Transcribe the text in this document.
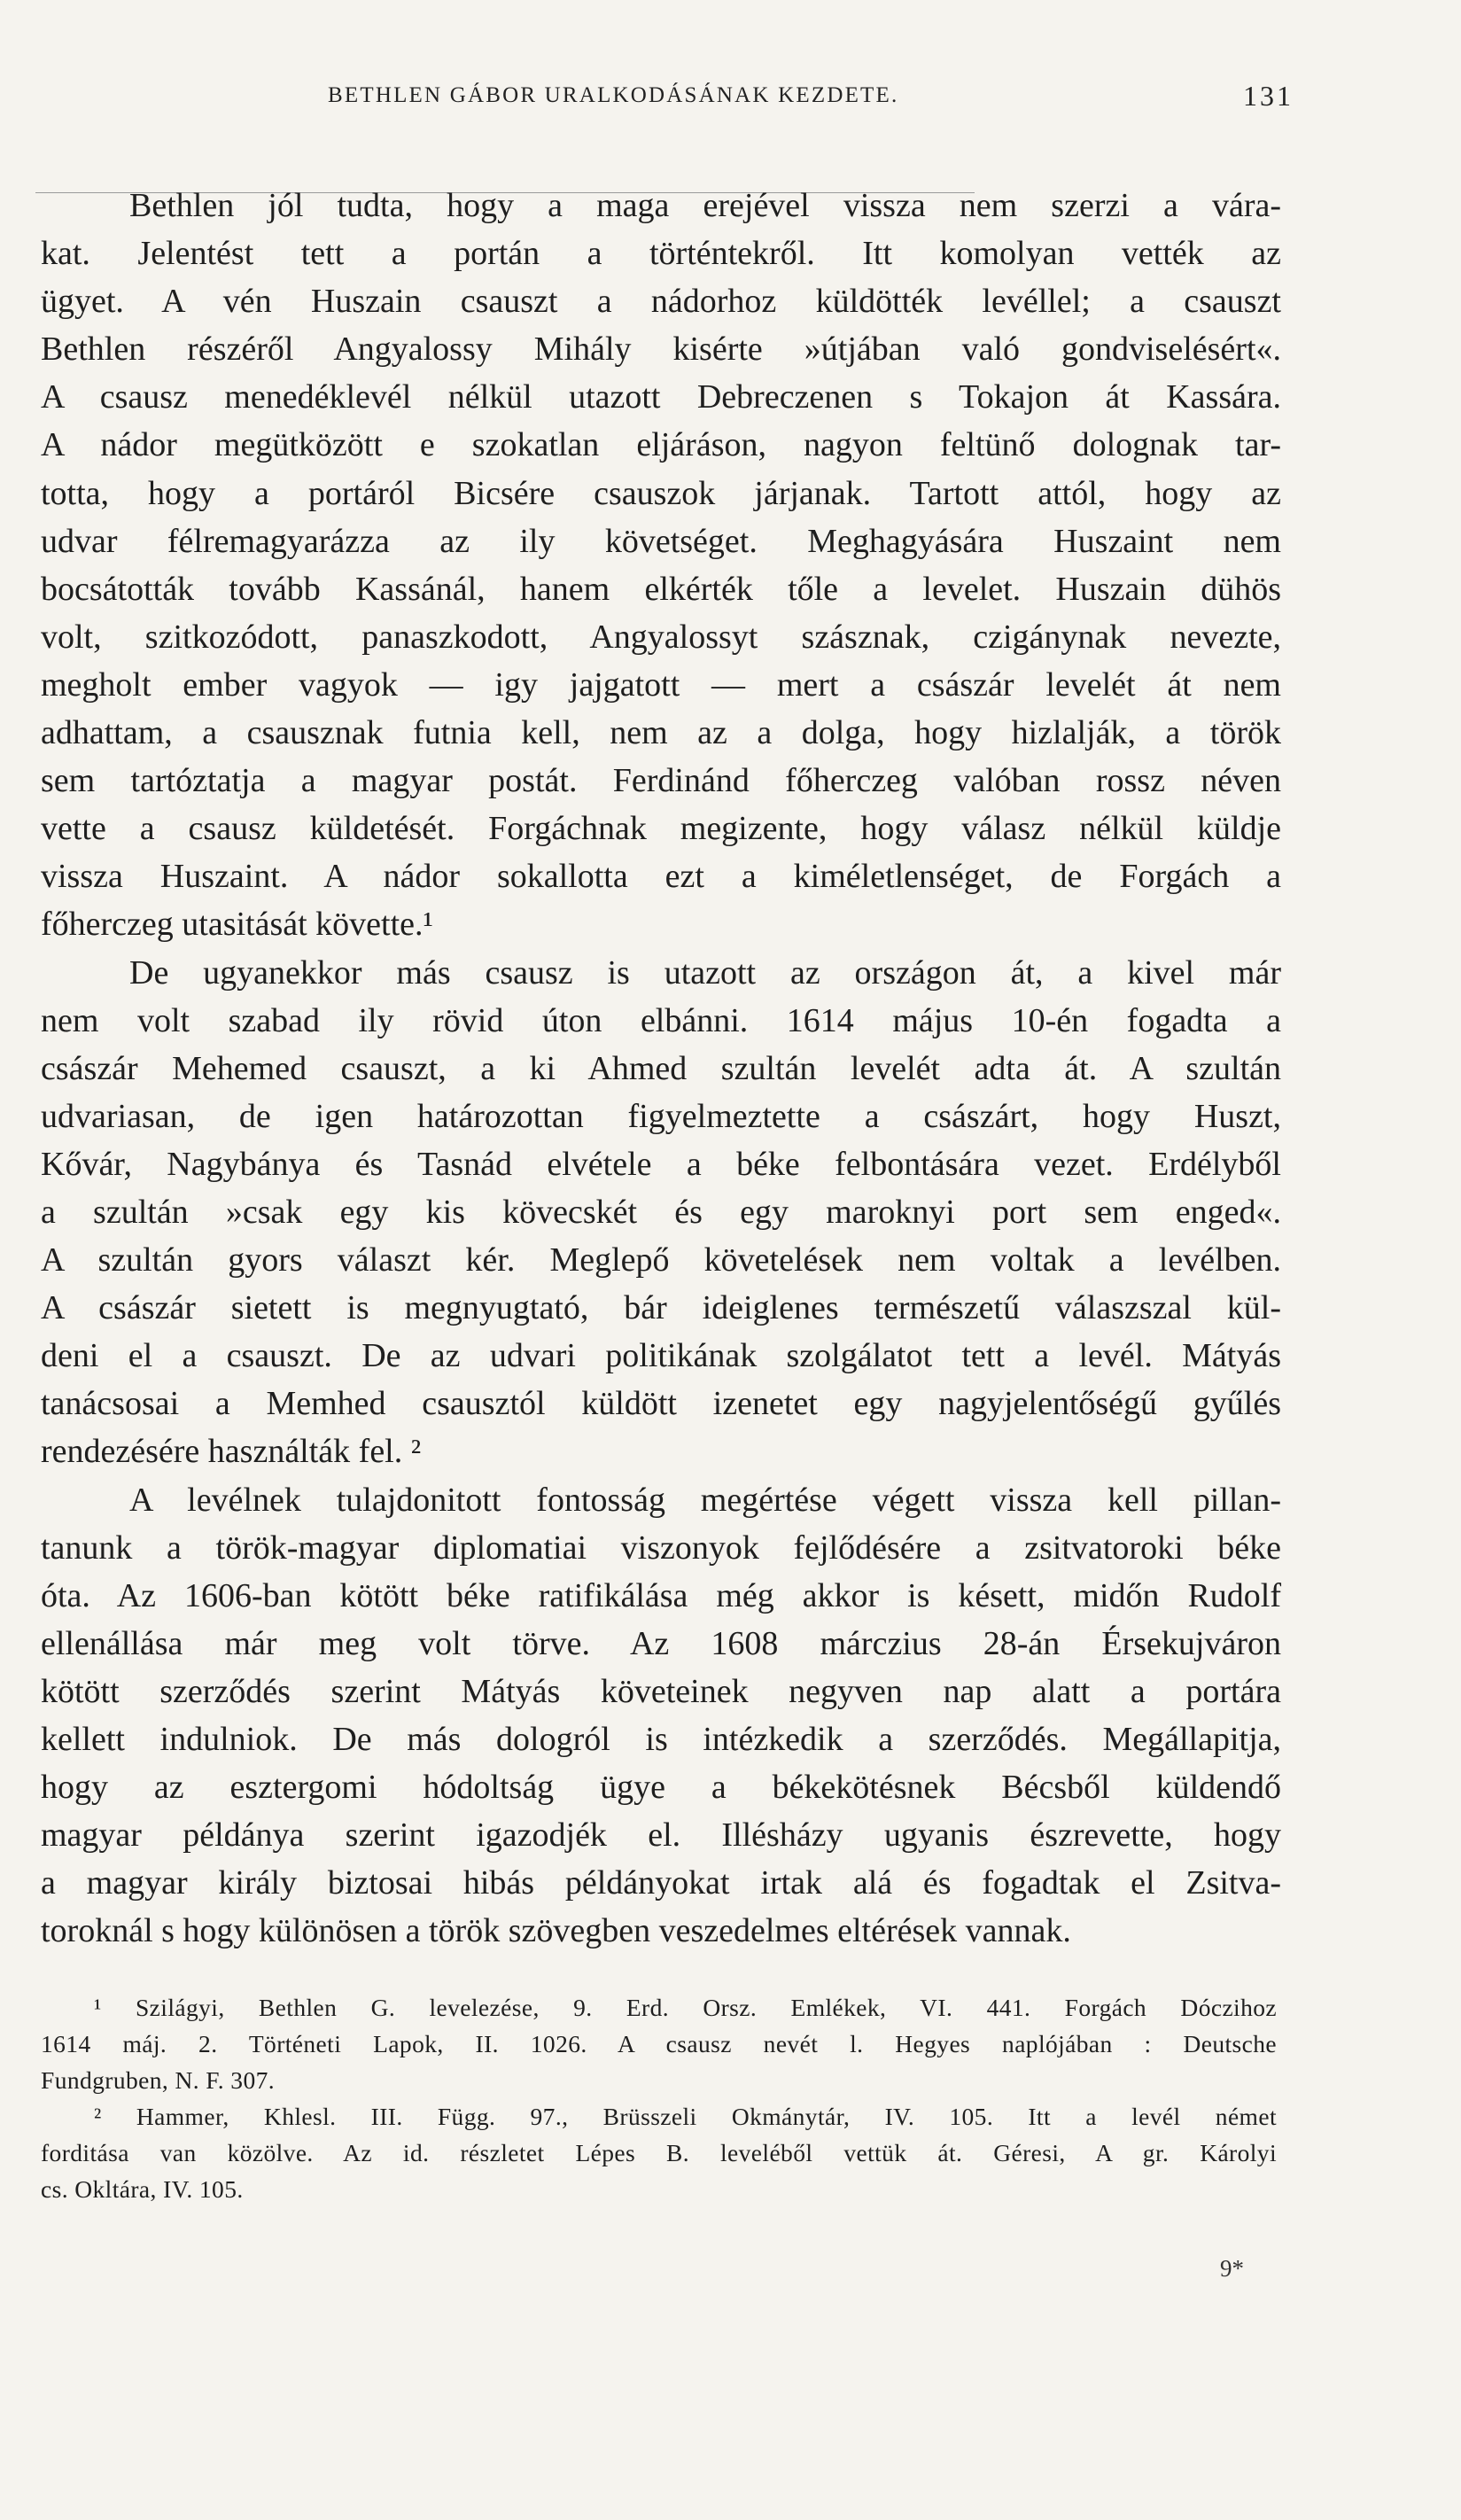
BETHLEN GÁBOR URALKODÁSÁNAK KEZDETE.	131
Bethlen jól tudta, hogy a maga erejével vissza nem szerzi a vára-
kat. Jelentést tett a portán a történtekről. Itt komolyan vették az
ügyet. A vén Huszain csauszt a nádorhoz küldötték levéllel; a csauszt
Bethlen részéről Angyalossy Mihály kisérte »útjában való gondviselésért«.
A csausz menedéklevél nélkül utazott Debreczenen s Tokajon át Kassára.
A nádor megütközött e szokatlan eljáráson, nagyon feltünő dolognak tar-
totta, hogy a portáról Bicsére csauszok járjanak. Tartott attól, hogy az
udvar félremagyarázza az ily követséget. Meghagyására Huszaint nem
bocsátották tovább Kassánál, hanem elkérték tőle a levelet. Huszain dühös
volt, szitkozódott, panaszkodott, Angyalossyt szásznak, czigánynak nevezte,
megholt ember vagyok — igy jajgatott — mert a császár levelét át nem
adhattam, a csausznak futnia kell, nem az a dolga, hogy hizlalják, a török
sem tartóztatja a magyar postát. Ferdinánd főherczeg valóban rossz néven
vette a csausz küldetését. Forgáchnak megizente, hogy válasz nélkül küldje
vissza Huszaint. A nádor sokallotta ezt a kiméletlenséget, de Forgách a
főherczeg utasitását követte.¹
De ugyanekkor más csausz is utazott az országon át, a kivel már
nem volt szabad ily rövid úton elbánni. 1614 május 10-én fogadta a
császár Mehemed csauszt, a ki Ahmed szultán levelét adta át. A szultán
udvariasan, de igen határozottan figyelmeztette a császárt, hogy Huszt,
Kővár, Nagybánya és Tasnád elvétele a béke felbontására vezet. Erdélyből
a szultán »csak egy kis kövecskét és egy maroknyi port sem enged«.
A szultán gyors választ kér. Meglepő követelések nem voltak a levélben.
A császár sietett is megnyugtató, bár ideiglenes természetű válaszszal kül-
deni el a csauszt. De az udvari politikának szolgálatot tett a levél. Mátyás
tanácsosai a Memhed csausztól küldött izenetet egy nagyjelentőségű gyűlés
rendezésére használták fel. ²
A levélnek tulajdonitott fontosság megértése végett vissza kell pillan-
tanunk a török-magyar diplomatiai viszonyok fejlődésére a zsitvatoroki béke
óta. Az 1606-ban kötött béke ratifikálása még akkor is késett, midőn Rudolf
ellenállása már meg volt törve. Az 1608 márczius 28-án Érsekujváron
kötött szerződés szerint Mátyás követeinek negyven nap alatt a portára
kellett indulniok. De más dologról is intézkedik a szerződés. Megállapitja,
hogy az esztergomi hódoltság ügye a békekötésnek Bécsből küldendő
magyar példánya szerint igazodjék el. Illésházy ugyanis észrevette, hogy
a magyar király biztosai hibás példányokat irtak alá és fogadtak el Zsitva-
toroknál s hogy különösen a török szövegben veszedelmes eltérések vannak.
¹ Szilágyi, Bethlen G. levelezése, 9. Erd. Orsz. Emlékek, VI. 441. Forgách Dóczihoz
1614 máj. 2. Történeti Lapok, II. 1026. A csausz nevét l. Hegyes naplójában : Deutsche
Fundgruben, N. F. 307.
² Hammer, Khlesl. III. Függ. 97., Brüsszeli Okmánytár, IV. 105. Itt a levél német
forditása van közölve. Az id. részletet Lépes B. leveléből vettük át. Géresi, A gr. Károlyi
cs. Okltára, IV. 105.
9*
